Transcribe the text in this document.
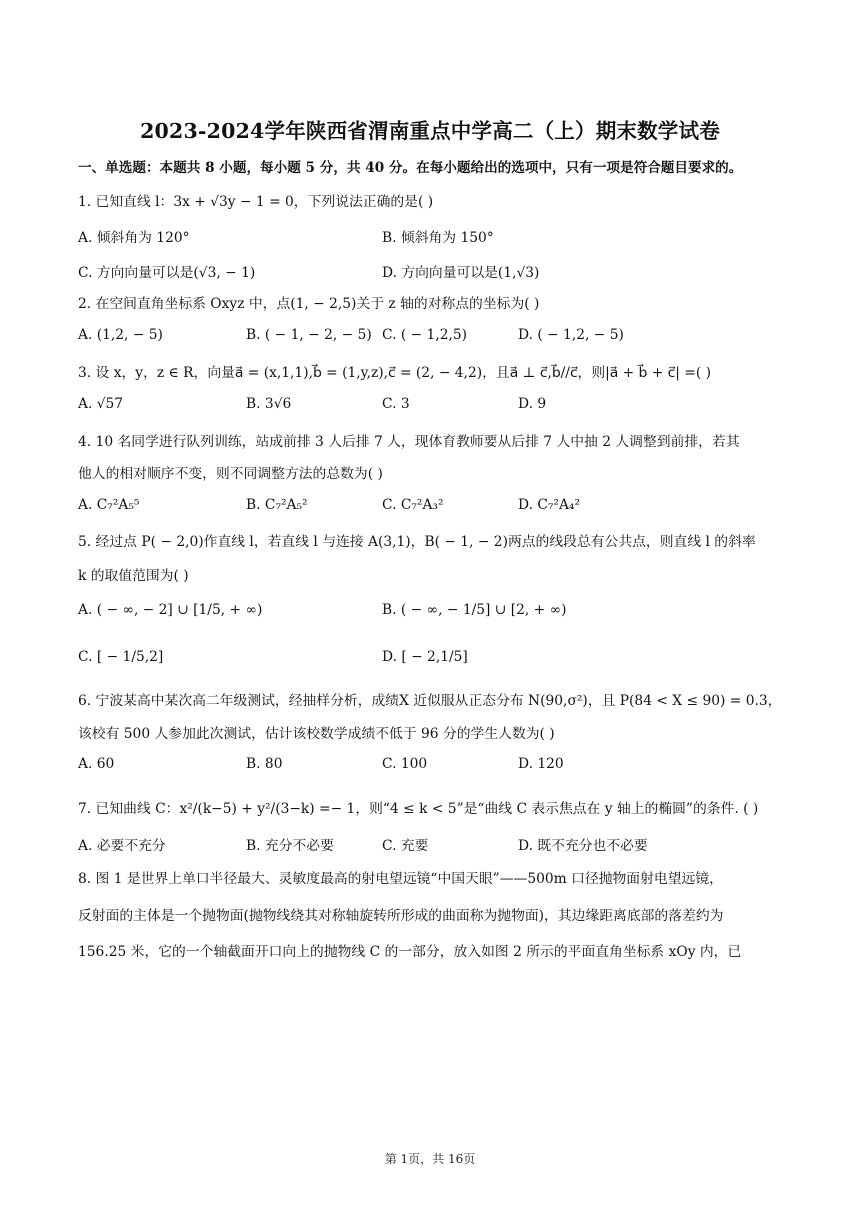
2023-2024学年陕西省渭南重点中学高二（上）期末数学试卷
一、单选题：本题共 8 小题，每小题 5 分，共 40 分。在每小题给出的选项中，只有一项是符合题目要求的。
1. 已知直线 l：3x + √3y − 1 = 0，下列说法正确的是( )
A. 倾斜角为 120°	B. 倾斜角为 150°
C. 方向向量可以是(√3, − 1)	D. 方向向量可以是(1,√3)
2. 在空间直角坐标系 Oxyz 中，点(1, − 2,5)关于 z 轴的对称点的坐标为( )
A. (1,2, − 5)	B. ( − 1, − 2, − 5) C. ( − 1,2,5)	D. ( − 1,2, − 5)
3. 设 x，y，z ∈ R，向量a⃗ = (x,1,1),b⃗ = (1,y,z),c⃗ = (2, − 4,2)，且a⃗ ⊥ c⃗,b⃗//c⃗，则|a⃗ + b⃗ + c⃗| =( )
A. √57	B. 3√6	C. 3	D. 9
4. 10 名同学进行队列训练，站成前排 3 人后排 7 人，现体育教师要从后排 7 人中抽 2 人调整到前排，若其
他人的相对顺序不变，则不同调整方法的总数为( )
A. C₇²A₅⁵	B. C₇²A₅²	C. C₇²A₃²	D. C₇²A₄²
5. 经过点 P( − 2,0)作直线 l，若直线 l 与连接 A(3,1)，B( − 1, − 2)两点的线段总有公共点，则直线 l 的斜率
k 的取值范围为( )
A. ( − ∞, − 2] ∪ [1/5, + ∞)	B. ( − ∞, − 1/5] ∪ [2, + ∞)
C. [ − 1/5,2]	D. [ − 2,1/5]
6. 宁波某高中某次高二年级测试，经抽样分析，成绩X 近似服从正态分布 N(90,σ²)，且 P(84 < X ≤ 90) = 0.3，
该校有 500 人参加此次测试，估计该校数学成绩不低于 96 分的学生人数为( )
A. 60	B. 80	C. 100	D. 120
7. 已知曲线 C：x²/(k−5) + y²/(3−k) =− 1，则“4 ≤ k < 5”是“曲线 C 表示焦点在 y 轴上的椭圆”的条件. ( )
A. 必要不充分	B. 充分不必要	C. 充要	D. 既不充分也不必要
8. 图 1 是世界上单口半径最大、灵敏度最高的射电望远镜“中国天眼”——500m 口径抛物面射电望远镜，
反射面的主体是一个抛物面(抛物线绕其对称轴旋转所形成的曲面称为抛物面)，其边缘距离底部的落差约为
156.25 米，它的一个轴截面开口向上的抛物线 C 的一部分，放入如图 2 所示的平面直角坐标系 xOy 内，已
第 1页，共 16页
